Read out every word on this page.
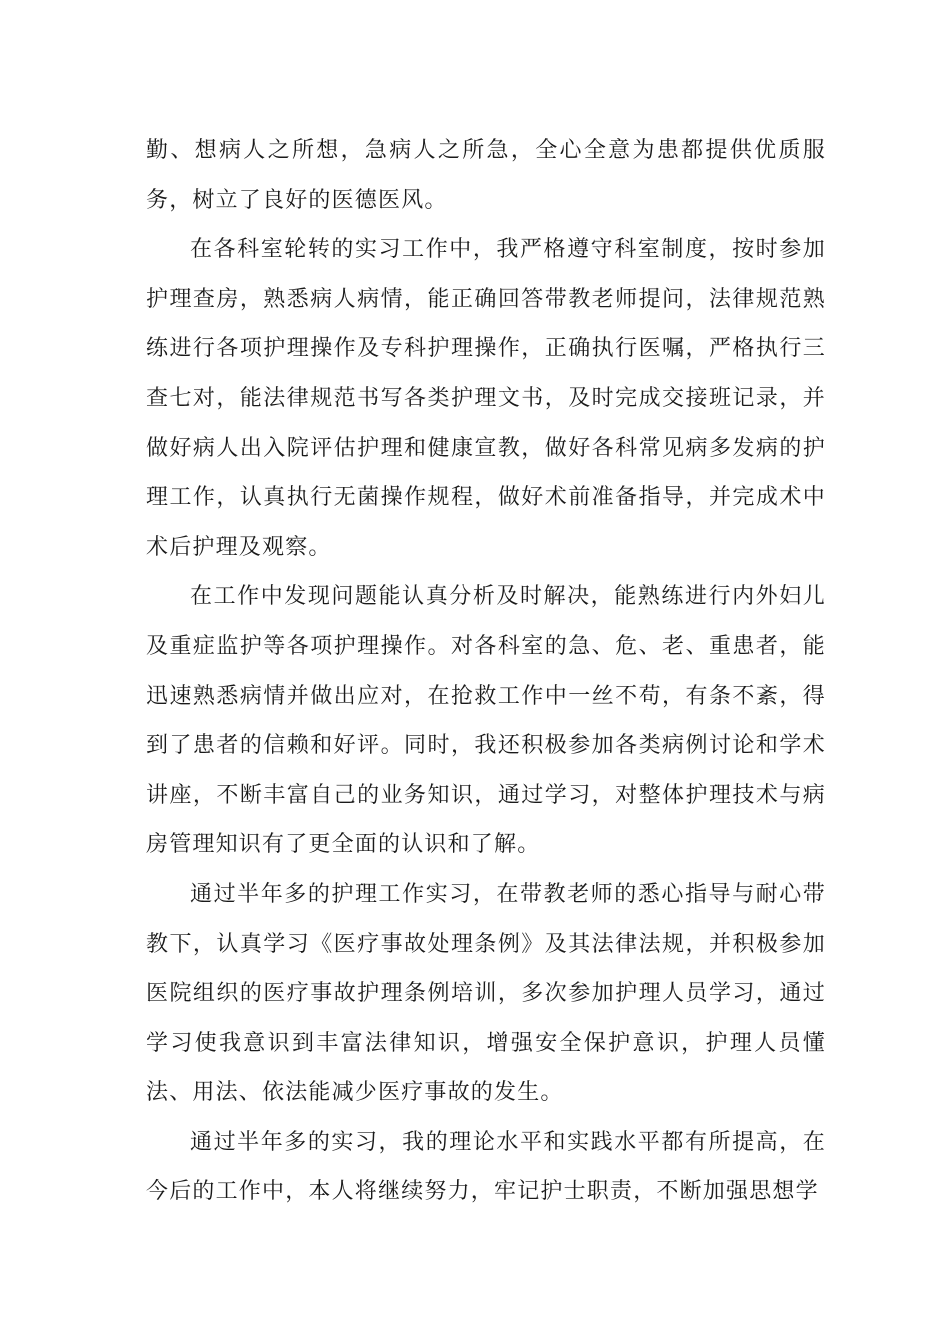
勤、想病人之所想，急病人之所急，全心全意为患都提供优质服务，树立了良好的医德医风。

在各科室轮转的实习工作中，我严格遵守科室制度，按时参加护理查房，熟悉病人病情，能正确回答带教老师提问，法律规范熟练进行各项护理操作及专科护理操作，正确执行医嘱，严格执行三查七对，能法律规范书写各类护理文书，及时完成交接班记录，并做好病人出入院评估护理和健康宣教，做好各科常见病多发病的护理工作，认真执行无菌操作规程，做好术前准备指导，并完成术中术后护理及观察。

在工作中发现问题能认真分析及时解决，能熟练进行内外妇儿及重症监护等各项护理操作。对各科室的急、危、老、重患者，能迅速熟悉病情并做出应对，在抢救工作中一丝不苟，有条不紊，得到了患者的信赖和好评。同时，我还积极参加各类病例讨论和学术讲座，不断丰富自己的业务知识，通过学习，对整体护理技术与病房管理知识有了更全面的认识和了解。

通过半年多的护理工作实习，在带教老师的悉心指导与耐心带教下，认真学习《医疗事故处理条例》及其法律法规，并积极参加医院组织的医疗事故护理条例培训，多次参加护理人员学习，通过学习使我意识到丰富法律知识，增强安全保护意识，护理人员懂法、用法、依法能减少医疗事故的发生。

通过半年多的实习，我的理论水平和实践水平都有所提高，在今后的工作中，本人将继续努力，牢记护士职责，不断加强思想学
